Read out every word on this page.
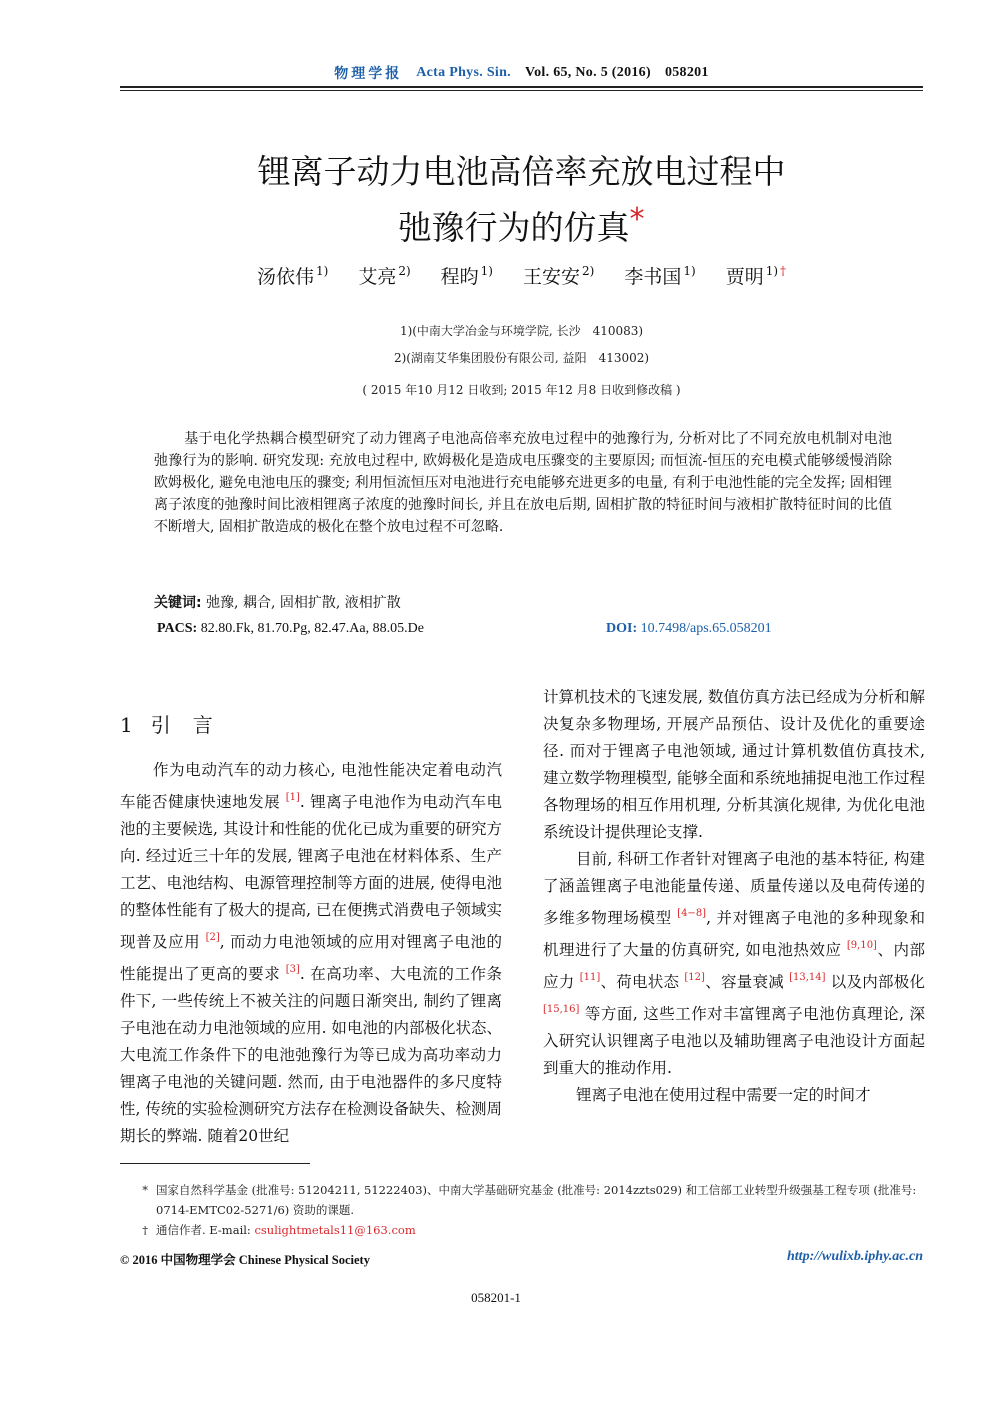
物理学报 Acta Phys. Sin. Vol. 65, No. 5 (2016) 058201
锂离子动力电池高倍率充放电过程中
弛豫行为的仿真*
汤依伟 $^{1)}$ 艾亮 $^{2)}$ 程昀 $^{1)}$ 王安安 $^{2)}$ 李书国 $^{1)}$ 贾明 $^{1)}$ †
1)(中南大学冶金与环境学院, 长沙　410083)
2)(湖南艾华集团股份有限公司, 益阳　413002)
( 2015 年10 月12 日收到; 2015 年12 月8 日收到修改稿 )
基于电化学热耦合模型研究了动力锂离子电池高倍率充放电过程中的弛豫行为, 分析对比了不同充放电机制对电池弛豫行为的影响. 研究发现: 充放电过程中, 欧姆极化是造成电压骤变的主要原因; 而恒流-恒压的充电模式能够缓慢消除欧姆极化, 避免电池电压的骤变; 利用恒流恒压对电池进行充电能够充进更多的电量, 有利于电池性能的完全发挥; 固相锂离子浓度的弛豫时间比液相锂离子浓度的弛豫时间长, 并且在放电后期, 固相扩散的特征时间与液相扩散特征时间的比值不断增大, 固相扩散造成的极化在整个放电过程不可忽略.
关键词: 弛豫, 耦合, 固相扩散, 液相扩散
PACS: 82.80.Fk, 81.70.Pg, 82.47.Aa, 88.05.De	DOI: 10.7498/aps.65.058201
1 引言

作为电动汽车的动力核心, 电池性能决定着电动汽车能否健康快速地发展 [1]. 锂离子电池作为电动汽车电池的主要候选, 其设计和性能的优化已成为重要的研究方向. 经过近三十年的发展, 锂离子电池在材料体系、生产工艺、电池结构、电源管理控制等方面的进展, 使得电池的整体性能有了极大的提高, 已在便携式消费电子领域实现普及应用 [2], 而动力电池领域的应用对锂离子电池的性能提出了更高的要求 [3]. 在高功率、大电流的工作条件下, 一些传统上不被关注的问题日渐突出, 制约了锂离子电池在动力电池领域的应用. 如电池的内部极化状态、大电流工作条件下的电池弛豫行为等已成为高功率动力锂离子电池的关键问题. 然而, 由于电池器件的多尺度特性, 传统的实验检测研究方法存在检测设备缺失、检测周期长的弊端. 随着20世纪

计算机技术的飞速发展, 数值仿真方法已经成为分析和解决复杂多物理场, 开展产品预估、设计及优化的重要途径. 而对于锂离子电池领域, 通过计算机数值仿真技术, 建立数学物理模型, 能够全面和系统地捕捉电池工作过程各物理场的相互作用机理, 分析其演化规律, 为优化电池系统设计提供理论支撑.

目前, 科研工作者针对锂离子电池的基本特征, 构建了涵盖锂离子电池能量传递、质量传递以及电荷传递的多维多物理场模型 [4−8], 并对锂离子电池的多种现象和机理进行了大量的仿真研究, 如电池热效应 [9,10]、内部应力 [11]、荷电状态 [12]、容量衰减 [13,14] 以及内部极化 [15,16] 等方面, 这些工作对丰富锂离子电池仿真理论, 深入研究认识锂离子电池以及辅助锂离子电池设计方面起到重大的推动作用.

锂离子电池在使用过程中需要一定的时间才

* 国家自然科学基金 (批准号: 51204211, 51222403)、中南大学基础研究基金 (批准号: 2014zzts029) 和工信部工业转型升级强基工程专项 (批准号: 0714-EMTC02-5271/6) 资助的课题.
† 通信作者. E-mail: csulightmetals11@163.com
© 2016 中国物理学会 Chinese Physical Society	http://wulixb.iphy.ac.cn
058201-1
